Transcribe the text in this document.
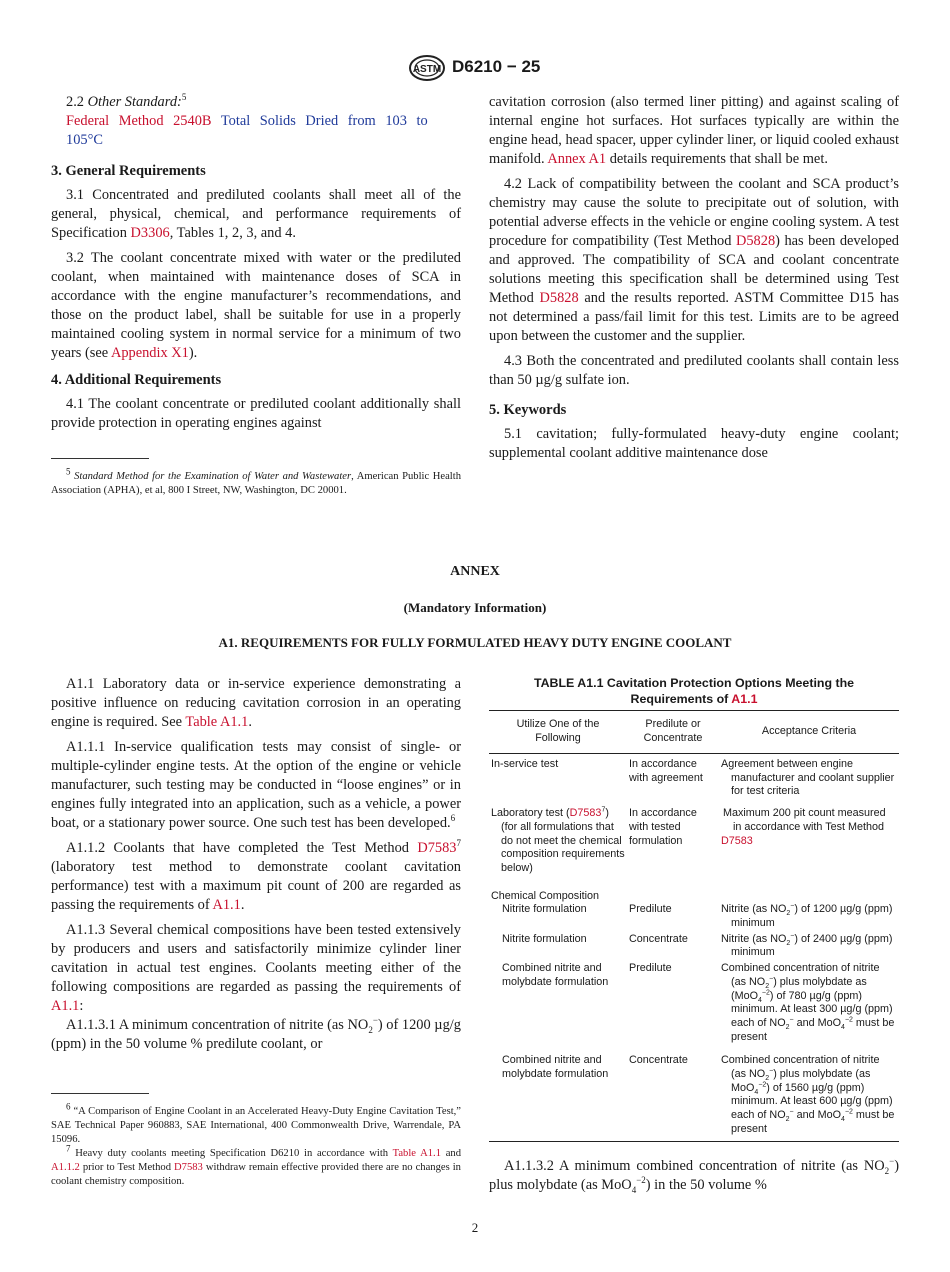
ASTM D6210 − 25

2.2 Other Standard:$^5$

Federal Method 2540B Total Solids Dried from 103 to 105°C

3. General Requirements

3.1 Concentrated and prediluted coolants shall meet all of the general, physical, chemical, and performance requirements of Specification D3306, Tables 1, 2, 3, and 4.

3.2 The coolant concentrate mixed with water or the prediluted coolant, when maintained with maintenance doses of SCA in accordance with the engine manufacturer’s recommendations, and those on the product label, shall be suitable for use in a properly maintained cooling system in normal service for a minimum of two years (see Appendix X1).

4. Additional Requirements

4.1 The coolant concentrate or prediluted coolant additionally shall provide protection in operating engines against

$^5$ Standard Method for the Examination of Water and Wastewater, American Public Health Association (APHA), et al, 800 I Street, NW, Washington, DC 20001.

cavitation corrosion (also termed liner pitting) and against scaling of internal engine hot surfaces. Hot surfaces typically are within the engine head, head spacer, upper cylinder liner, or liquid cooled exhaust manifold. Annex A1 details requirements that shall be met.

4.2 Lack of compatibility between the coolant and SCA product’s chemistry may cause the solute to precipitate out of solution, with potential adverse effects in the vehicle or engine cooling system. A test procedure for compatibility (Test Method D5828) has been developed and approved. The compatibility of SCA and coolant concentrate solutions meeting this specification shall be determined using Test Method D5828 and the results reported. ASTM Committee D15 has not determined a pass/fail limit for this test. Limits are to be agreed upon between the customer and the supplier.

4.3 Both the concentrated and prediluted coolants shall contain less than 50 µg/g sulfate ion.

5. Keywords

5.1 cavitation; fully-formulated heavy-duty engine coolant; supplemental coolant additive maintenance dose

ANNEX

(Mandatory Information)

A1. REQUIREMENTS FOR FULLY FORMULATED HEAVY DUTY ENGINE COOLANT

A1.1 Laboratory data or in-service experience demonstrating a positive influence on reducing cavitation corrosion in an operating engine is required. See Table A1.1.

A1.1.1 In-service qualification tests may consist of single- or multiple-cylinder engine tests. At the option of the engine or vehicle manufacturer, such testing may be conducted in “loose engines” or in engines fully integrated into an application, such as a vehicle, a power boat, or a stationary power source. One such test has been developed.$^6$

A1.1.2 Coolants that have completed the Test Method D7583$^7$ (laboratory test method to demonstrate coolant cavitation performance) test with a maximum pit count of 200 are regarded as passing the requirements of A1.1.

A1.1.3 Several chemical compositions have been tested extensively by producers and users and satisfactorily minimize cylinder liner cavitation in actual test engines. Coolants meeting either of the following compositions are regarded as passing the requirements of A1.1:

A1.1.3.1 A minimum concentration of nitrite (as $NO_2^-$) of 1200 µg/g (ppm) in the 50 volume % predilute coolant, or

$^6$ “A Comparison of Engine Coolant in an Accelerated Heavy-Duty Engine Cavitation Test,” SAE Technical Paper 960883, SAE International, 400 Commonwealth Drive, Warrendale, PA 15096.

$^7$ Heavy duty coolants meeting Specification D6210 in accordance with Table A1.1 and A1.1.2 prior to Test Method D7583 withdraw remain effective provided there are no changes in coolant chemistry composition.

TABLE A1.1 Cavitation Protection Options Meeting the Requirements of A1.1

Utilize One of the Following	Predilute or Concentrate	Acceptance Criteria
In-service test	In accordance with agreement	Agreement between engine manufacturer and coolant supplier for test criteria
Laboratory test (D7583$^7$)
(for all formulations that do not meet the chemical composition requirements below)	In accordance with tested formulation	Maximum 200 pit count measured in accordance with Test Method
D7583
Chemical Composition		
Nitrite formulation	Predilute	Nitrite (as $NO_2^-$) of 1200 µg/g (ppm) minimum
Nitrite formulation	Concentrate	Nitrite (as $NO_2^-$) of 2400 µg/g (ppm) minimum
Combined nitrite and molybdate formulation	Predilute	Combined concentration of nitrite (as $NO_2^-$) plus molybdate as (MoO$_4^{-2}$) of 780 µg/g (ppm) minimum. At least 300 µg/g (ppm) each of $NO_2^-$ and MoO$_4^{-2}$ must be present
Combined nitrite and molybdate formulation	Concentrate	Combined concentration of nitrite (as $NO_2^-$) plus molybdate (as MoO$_4^{-2}$) of 1560 µg/g (ppm) minimum. At least 600 µg/g (ppm) each of $NO_2^-$ and MoO$_4^{-2}$ must be present

A1.1.3.2 A minimum combined concentration of nitrite (as $NO_2^-$) plus molybdate (as MoO$_4^{-2}$) in the 50 volume %

2
